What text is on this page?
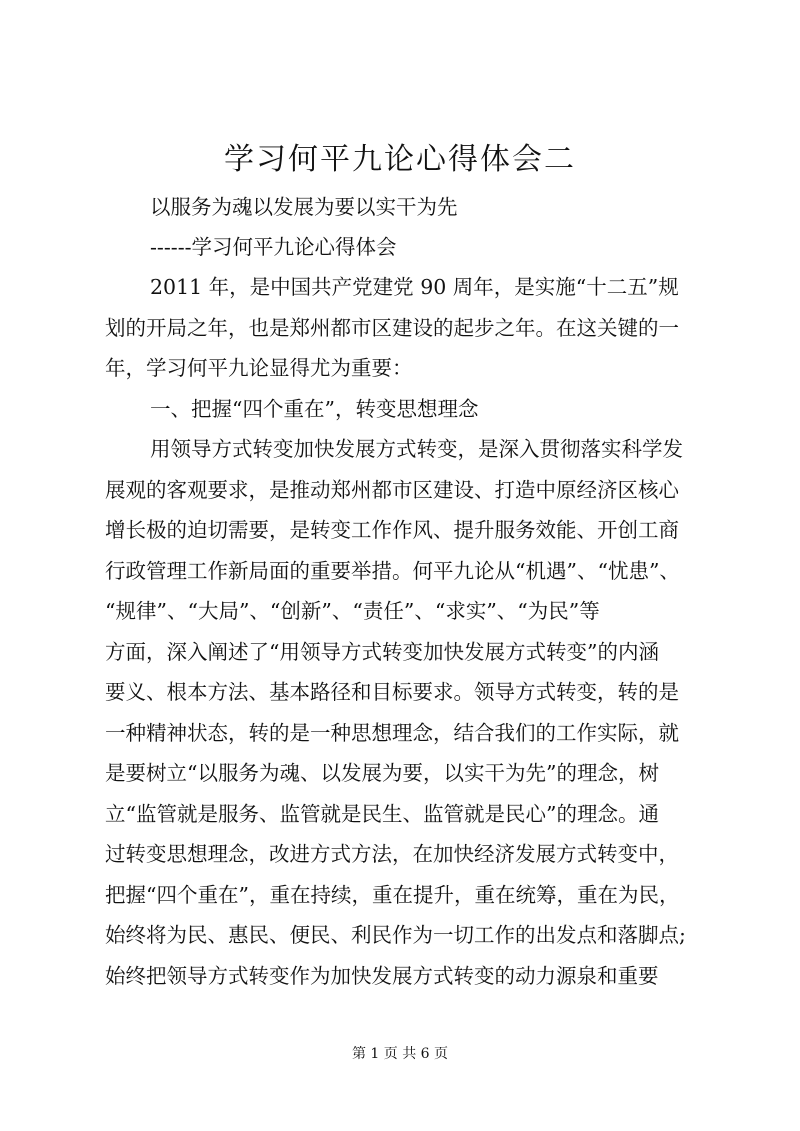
学习何平九论心得体会二
以服务为魂以发展为要以实干为先
------学习何平九论心得体会
2011 年，是中国共产党建党 90 周年，是实施“十二五”规
划的开局之年，也是郑州都市区建设的起步之年。在这关键的一
年，学习何平九论显得尤为重要：
一、把握“四个重在”，转变思想理念
用领导方式转变加快发展方式转变，是深入贯彻落实科学发
展观的客观要求，是推动郑州都市区建设、打造中原经济区核心
增长极的迫切需要，是转变工作作风、提升服务效能、开创工商
行政管理工作新局面的重要举措。何平九论从“机遇”、“忧患”、
“规律”、“大局”、“创新”、“责任”、“求实”、“为民”等
方面，深入阐述了“用领导方式转变加快发展方式转变”的内涵
要义、根本方法、基本路径和目标要求。领导方式转变，转的是
一种精神状态，转的是一种思想理念，结合我们的工作实际，就
是要树立“以服务为魂、以发展为要，以实干为先”的理念，树
立“监管就是服务、监管就是民生、监管就是民心”的理念。通
过转变思想理念，改进方式方法，在加快经济发展方式转变中，
把握“四个重在”，重在持续，重在提升，重在统筹，重在为民，
始终将为民、惠民、便民、利民作为一切工作的出发点和落脚点;
始终把领导方式转变作为加快发展方式转变的动力源泉和重要
第 1 页 共 6 页
